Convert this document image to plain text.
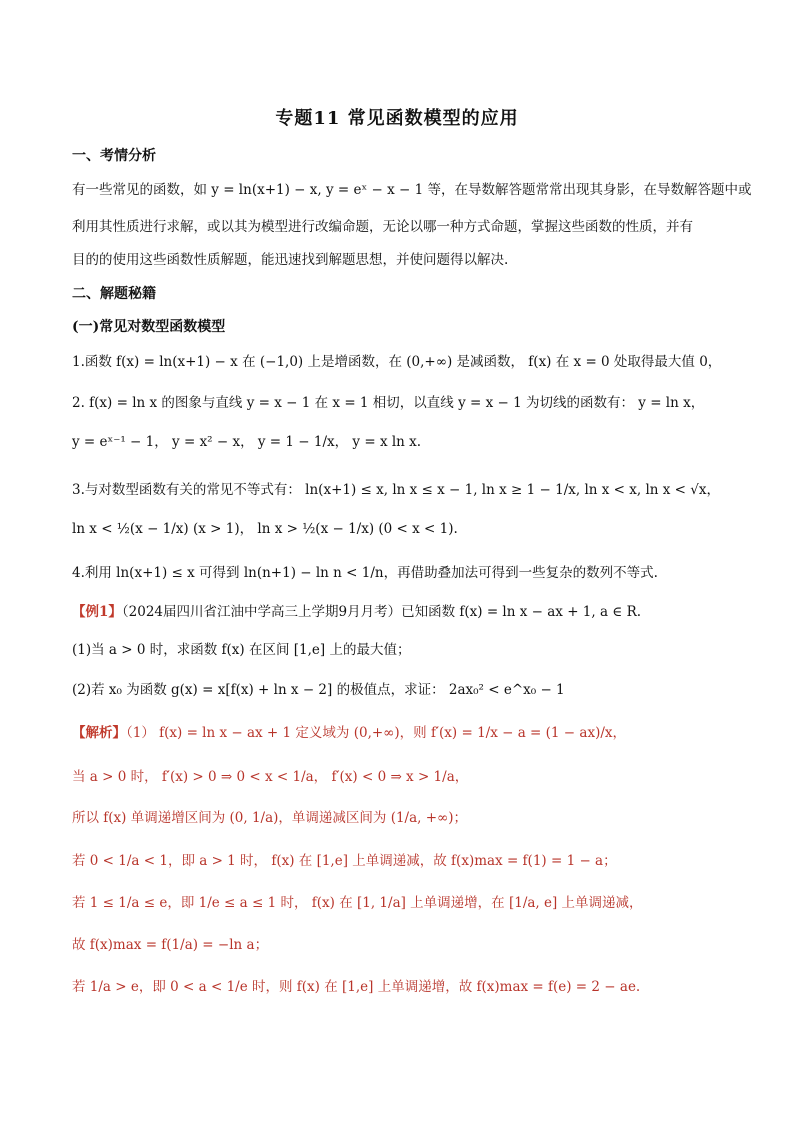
专题11 常见函数模型的应用
一、考情分析
有一些常见的函数，如 y = ln(x+1) − x, y = eˣ − x − 1 等，在导数解答题常常出现其身影，在导数解答题中或
利用其性质进行求解，或以其为模型进行改编命题，无论以哪一种方式命题，掌握这些函数的性质，并有
目的的使用这些函数性质解题，能迅速找到解题思想，并使问题得以解决.
二、解题秘籍
(一)常见对数型函数模型
1.函数 f(x) = ln(x+1) − x 在 (−1,0) 上是增函数，在 (0,+∞) 是减函数， f(x) 在 x = 0 处取得最大值 0，
2. f(x) = ln x 的图象与直线 y = x − 1 在 x = 1 相切，以直线 y = x − 1 为切线的函数有： y = ln x，
y = eˣ⁻¹ − 1， y = x² − x， y = 1 − 1/x， y = x ln x.
3.与对数型函数有关的常见不等式有： ln(x+1) ≤ x, ln x ≤ x − 1, ln x ≥ 1 − 1/x, ln x < x, ln x < √x，
ln x < ½(x − 1/x) (x > 1)， ln x > ½(x − 1/x) (0 < x < 1).
4.利用 ln(x+1) ≤ x 可得到 ln(n+1) − ln n < 1/n，再借助叠加法可得到一些复杂的数列不等式.
【例1】（2024届四川省江油中学高三上学期9月月考）已知函数 f(x) = ln x − ax + 1, a ∈ R.
(1)当 a > 0 时，求函数 f(x) 在区间 [1,e] 上的最大值；
(2)若 x₀ 为函数 g(x) = x[f(x) + ln x − 2] 的极值点，求证： 2ax₀² < e^x₀ − 1
【解析】（1） f(x) = ln x − ax + 1 定义域为 (0,+∞)，则 f′(x) = 1/x − a = (1 − ax)/x，
当 a > 0 时， f′(x) > 0 ⇒ 0 < x < 1/a， f′(x) < 0 ⇒ x > 1/a，
所以 f(x) 单调递增区间为 (0, 1/a)，单调递减区间为 (1/a, +∞)；
若 0 < 1/a < 1，即 a > 1 时， f(x) 在 [1,e] 上单调递减，故 f(x)max = f(1) = 1 − a；
若 1 ≤ 1/a ≤ e，即 1/e ≤ a ≤ 1 时， f(x) 在 [1, 1/a] 上单调递增，在 [1/a, e] 上单调递减，
故 f(x)max = f(1/a) = −ln a；
若 1/a > e，即 0 < a < 1/e 时，则 f(x) 在 [1,e] 上单调递增，故 f(x)max = f(e) = 2 − ae.
